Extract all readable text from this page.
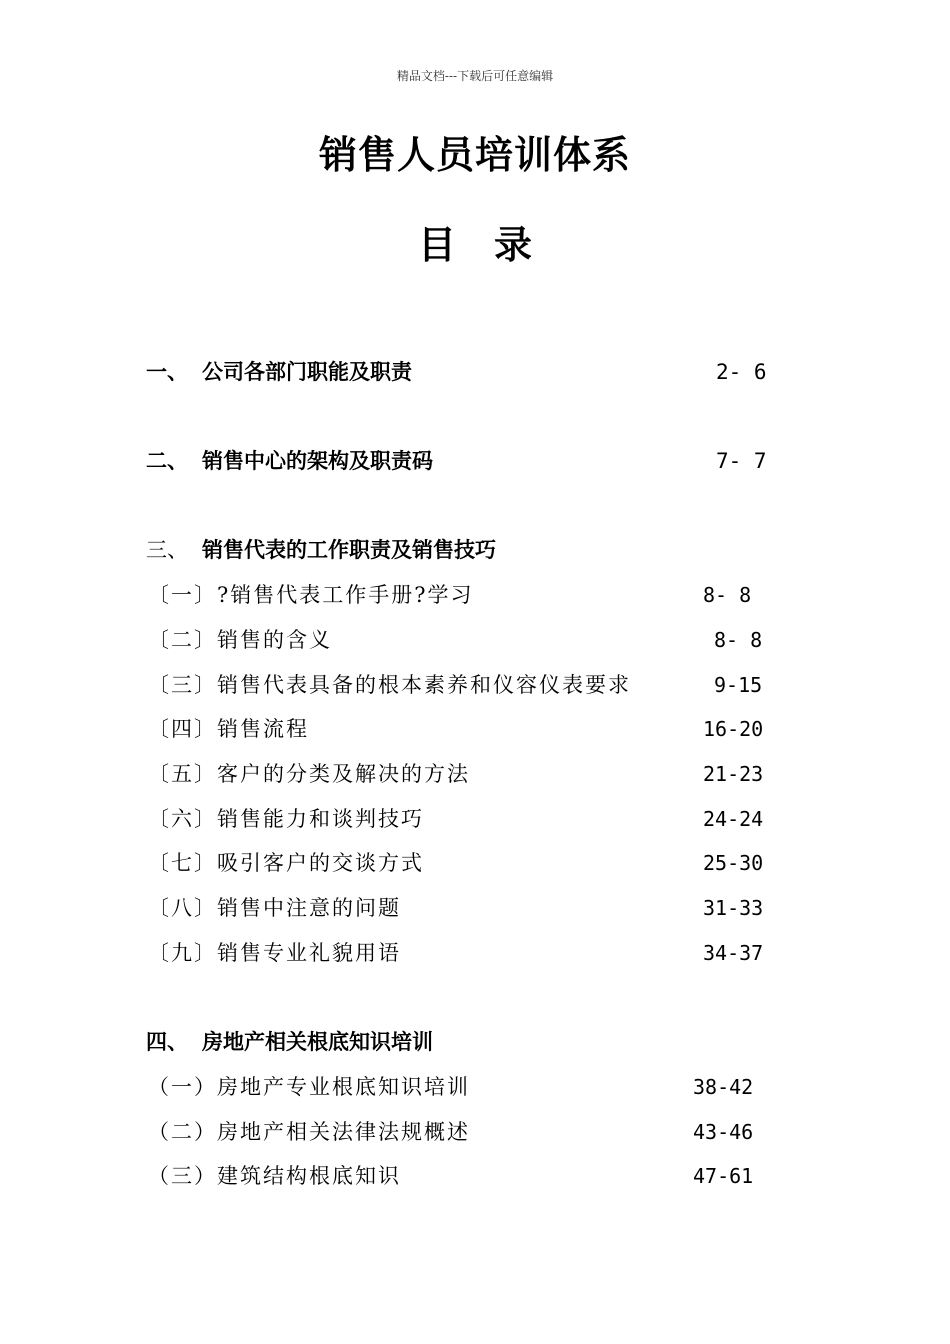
精品文档---下载后可任意编辑
销售人员培训体系
目　录
一、 公司各部门职能及职责	2- 6
二、 销售中心的架构及职责码	7- 7
三、 销售代表的工作职责及销售技巧
〔一〕?销售代表工作手册?学习	8- 8
〔二〕销售的含义	8- 8
〔三〕销售代表具备的根本素养和仪容仪表要求	9-15
〔四〕销售流程	16-20
〔五〕客户的分类及解决的方法	21-23
〔六〕销售能力和谈判技巧	24-24
〔七〕吸引客户的交谈方式	25-30
〔八〕销售中注意的问题	31-33
〔九〕销售专业礼貌用语	34-37
四、 房地产相关根底知识培训
（一）房地产专业根底知识培训	38-42
（二）房地产相关法律法规概述	43-46
（三）建筑结构根底知识	47-61
